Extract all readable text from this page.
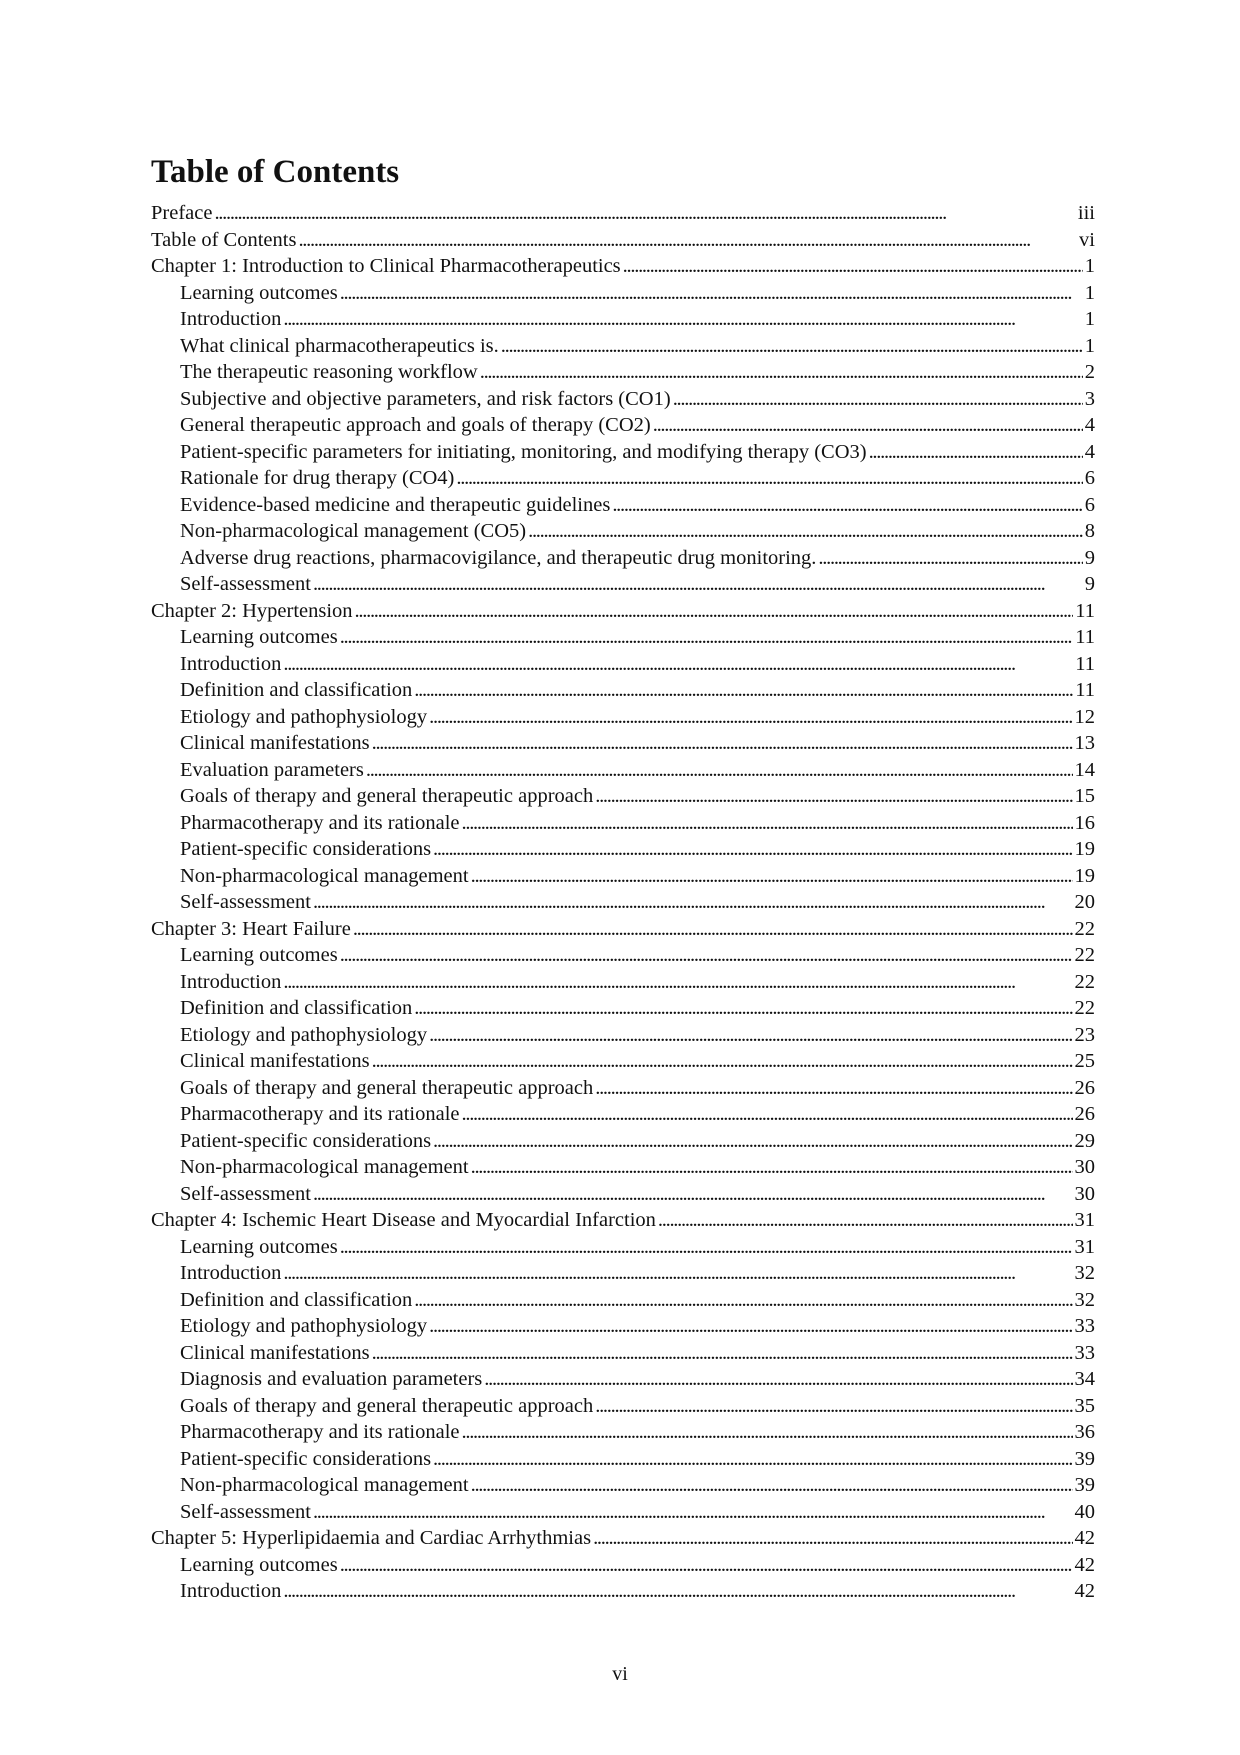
Table of Contents
Preface . . .	iii
Table of Contents . . .	vi
Chapter 1: Introduction to Clinical Pharmacotherapeutics . . .	1
Learning outcomes . . .	1
Introduction . . .	1
What clinical pharmacotherapeutics is. . . .	1
The therapeutic reasoning workflow . . .	2
Subjective and objective parameters, and risk factors (CO1) . . .	3
General therapeutic approach and goals of therapy (CO2) . . .	4
Patient-specific parameters for initiating, monitoring, and modifying therapy (CO3) . . .	4
Rationale for drug therapy (CO4) . . .	6
Evidence-based medicine and therapeutic guidelines . . .	6
Non-pharmacological management (CO5) . . .	8
Adverse drug reactions, pharmacovigilance, and therapeutic drug monitoring. . . .	9
Self-assessment . . .	9
Chapter 2: Hypertension . . .	11
Learning outcomes . . .	11
Introduction . . .	11
Definition and classification . . .	11
Etiology and pathophysiology . . .	12
Clinical manifestations . . .	13
Evaluation parameters . . .	14
Goals of therapy and general therapeutic approach . . .	15
Pharmacotherapy and its rationale . . .	16
Patient-specific considerations . . .	19
Non-pharmacological management . . .	19
Self-assessment . . .	20
Chapter 3: Heart Failure . . .	22
Learning outcomes . . .	22
Introduction . . .	22
Definition and classification . . .	22
Etiology and pathophysiology . . .	23
Clinical manifestations . . .	25
Goals of therapy and general therapeutic approach . . .	26
Pharmacotherapy and its rationale . . .	26
Patient-specific considerations . . .	29
Non-pharmacological management . . .	30
Self-assessment . . .	30
Chapter 4: Ischemic Heart Disease and Myocardial Infarction . . .	31
Learning outcomes . . .	31
Introduction . . .	32
Definition and classification . . .	32
Etiology and pathophysiology . . .	33
Clinical manifestations . . .	33
Diagnosis and evaluation parameters . . .	34
Goals of therapy and general therapeutic approach . . .	35
Pharmacotherapy and its rationale . . .	36
Patient-specific considerations . . .	39
Non-pharmacological management . . .	39
Self-assessment . . .	40
Chapter 5: Hyperlipidaemia and Cardiac Arrhythmias . . .	42
Learning outcomes . . .	42
Introduction . . .	42
vi
